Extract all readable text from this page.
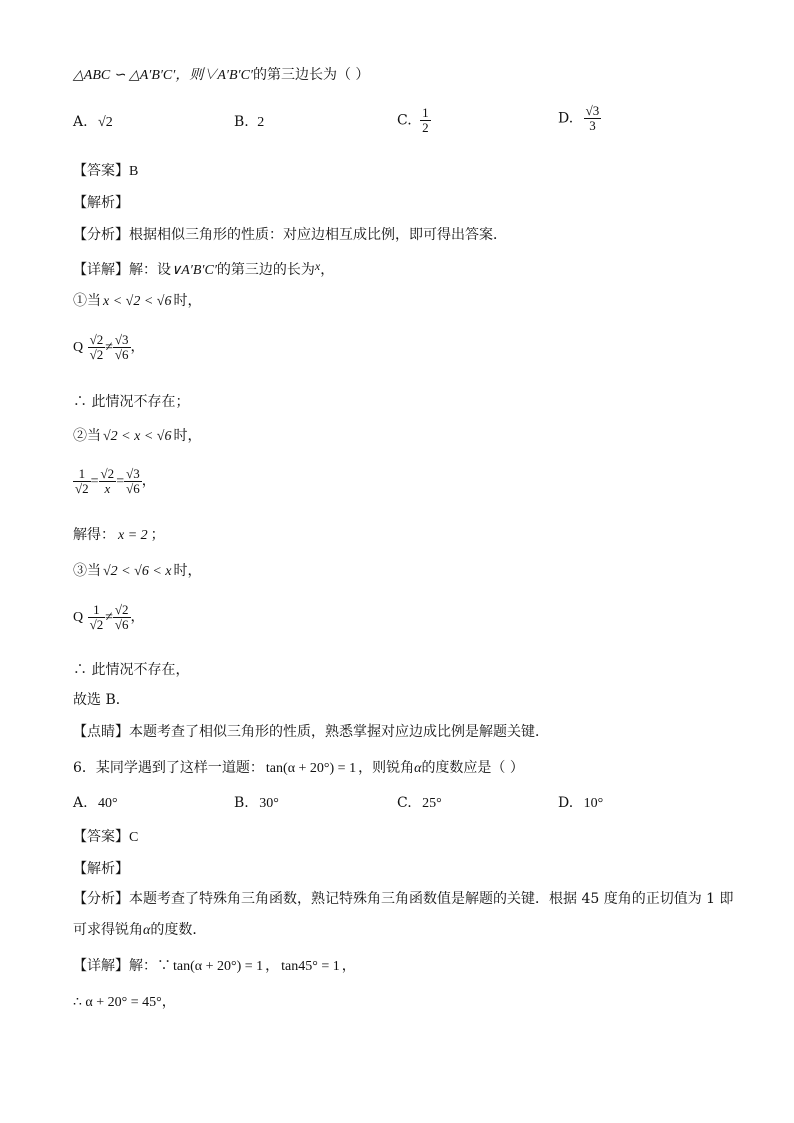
△ABC ∽ △A′B′C′，则∨A′B′C′的第三边长为（ ）
A. √2	B. 2	C. $\frac{1}{2}$	D. $\frac{√3}{3}$
【答案】B
【解析】
【分析】根据相似三角形的性质：对应边相互成比例，即可得出答案．
【详解】解：设∨A′B′C′的第三边的长为x，
①当 x < √2 < √6 时，
Q $\frac{√2}{√2} \ne \frac{√3}{√6}$ ，
∴ 此情况不存在；
②当 √2 < x < √6 时，
$\frac{1}{√2} = \frac{√2}{x} = \frac{√3}{√6}$ ，
解得： x = 2 ；
③当 √2 < √6 < x 时，
Q $\frac{1}{√2} \ne \frac{√2}{√6}$ ，
∴ 此情况不存在，
故选 B．
【点睛】本题考查了相似三角形的性质，熟悉掌握对应边成比例是解题关键．
6．某同学遇到了这样一道题： tan(α + 20°) = 1 ，则锐角α的度数应是（ ）
A. 40°	B. 30°	C. 25°	D. 10°
【答案】C
【解析】
【分析】本题考查了特殊角三角函数，熟记特殊角三角函数值是解题的关键．根据 45 度角的正切值为 1 即
可求得锐角α的度数．
【详解】解：∵ tan(α + 20°) = 1 ， tan45° = 1 ，
∴ α + 20° = 45°，
